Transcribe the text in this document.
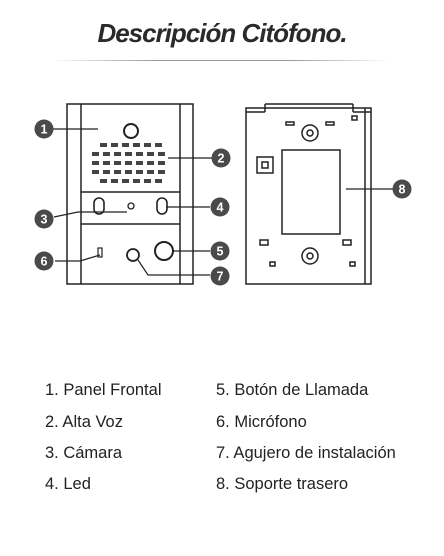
Descripción Citófono.
1
2
3
4
5
6
7
8
1. Panel Frontal
2. Alta Voz
3. Cámara
4. Led
5. Botón de Llamada
6. Micrófono
7. Agujero de instalación
8. Soporte trasero
